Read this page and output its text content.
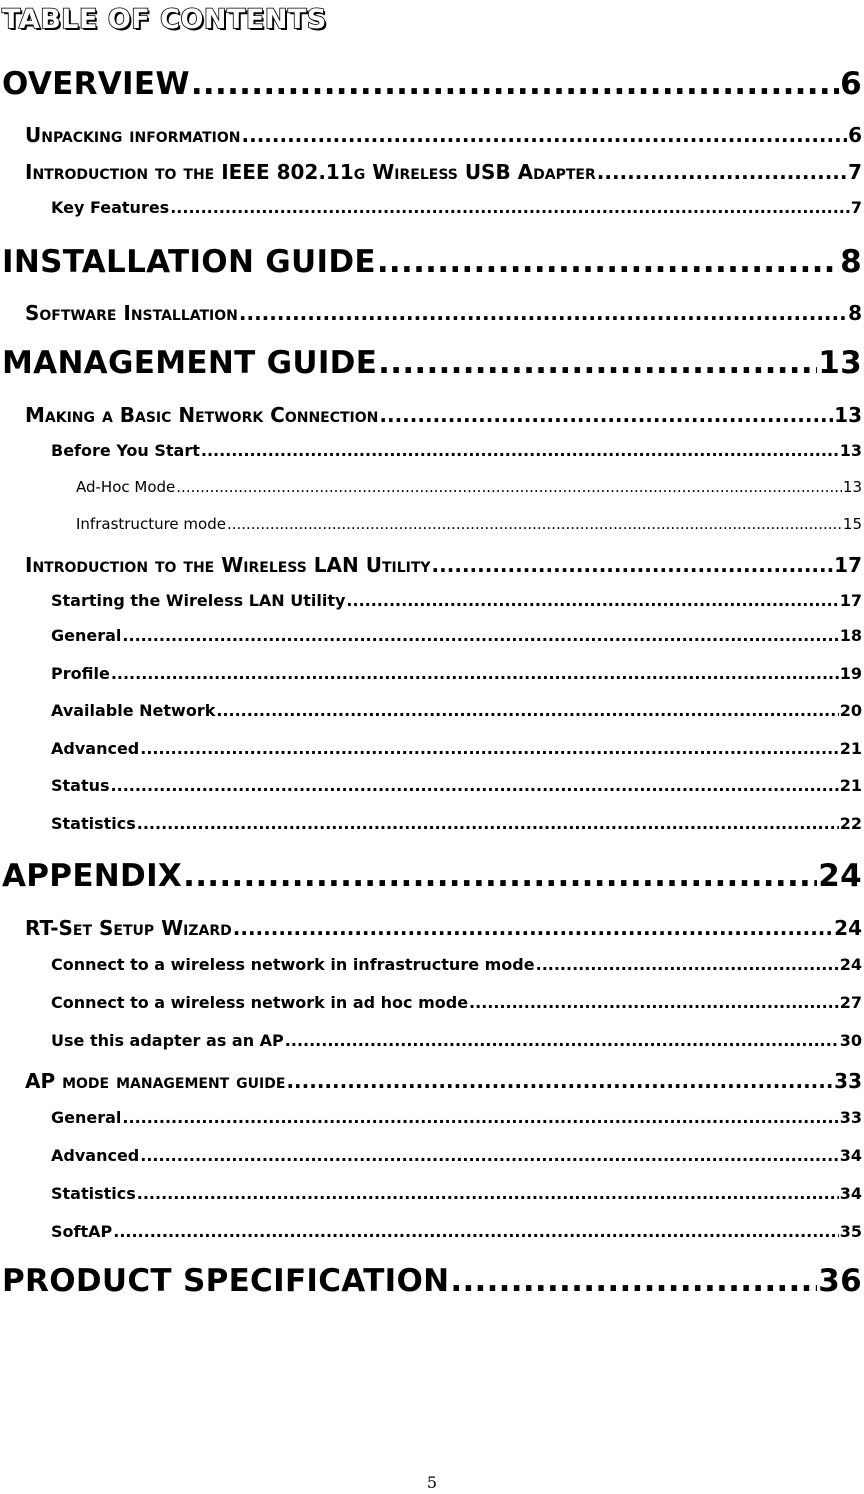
TABLE OF CONTENTS
OVERVIEW .....	6
Unpacking information .....	6
Introduction to the IEEE 802.11g Wireless USB Adapter .....	7
Key Features .....	7
INSTALLATION GUIDE .....	8
Software Installation .....	8
MANAGEMENT GUIDE .....	13
Making a Basic Network Connection .....	13
Before You Start .....	13
Ad-Hoc Mode .....	13
Infrastructure mode .....	15
Introduction to the Wireless LAN Utility .....	17
Starting the Wireless LAN Utility .....	17
General .....	18
Profile .....	19
Available Network .....	20
Advanced .....	21
Status .....	21
Statistics .....	22
APPENDIX .....	24
RT-Set Setup Wizard .....	24
Connect to a wireless network in infrastructure mode .....	24
Connect to a wireless network in ad hoc mode .....	27
Use this adapter as an AP .....	30
AP mode management guide .....	33
General .....	33
Advanced .....	34
Statistics .....	34
SoftAP .....	35
PRODUCT SPECIFICATION .....	36
5
